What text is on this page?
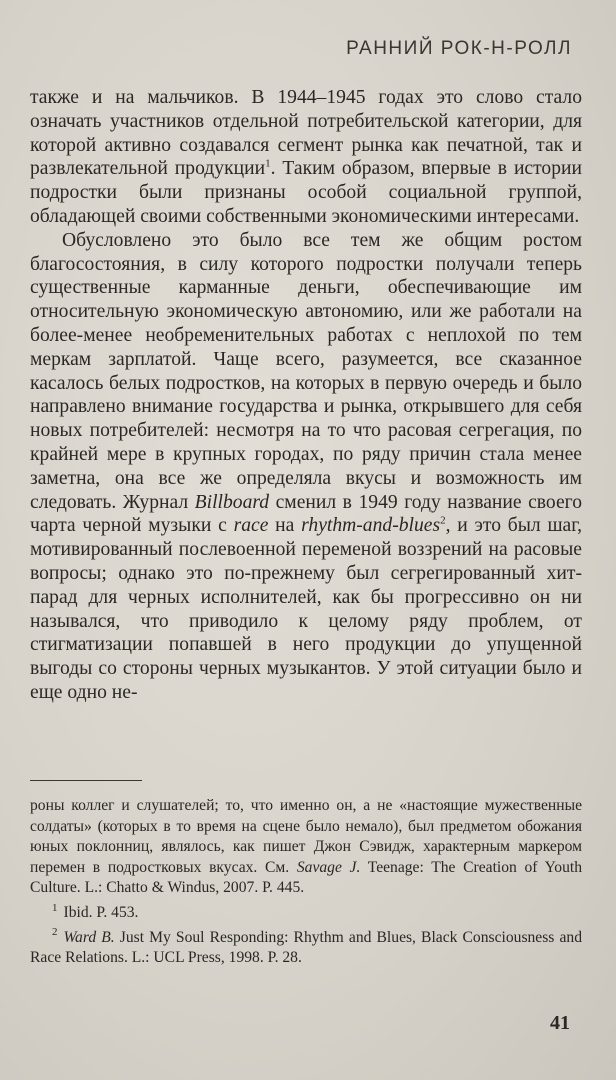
РАННИЙ РОК-Н-РОЛЛ

также и на мальчиков. В 1944–1945 годах это слово стало означать участников отдельной потребительской категории, для которой активно создавался сегмент рынка как печатной, так и развлекательной продукции$^1$. Таким образом, впервые в истории подростки были признаны особой социальной группой, обладающей своими собственными экономическими интересами.

Обусловлено это было все тем же общим ростом благосостояния, в силу которого подростки получали теперь существенные карманные деньги, обеспечивающие им относительную экономическую автономию, или же работали на более-менее необременительных работах с неплохой по тем меркам зарплатой. Чаще всего, разумеется, все сказанное касалось белых подростков, на которых в первую очередь и было направлено внимание государства и рынка, открывшего для себя новых потребителей: несмотря на то что расовая сегрегация, по крайней мере в крупных городах, по ряду причин стала менее заметна, она все же определяла вкусы и возможность им следовать. Журнал Billboard сменил в 1949 году название своего чарта черной музыки с race на rhythm-and-blues$^2$, и это был шаг, мотивированный послевоенной переменой воззрений на расовые вопросы; однако это по-прежнему был сегрегированный хит-парад для черных исполнителей, как бы прогрессивно он ни назывался, что приводило к целому ряду проблем, от стигматизации попавшей в него продукции до упущенной выгоды со стороны черных музыкантов. У этой ситуации было и еще одно не-

роны коллег и слушателей; то, что именно он, а не «настоящие мужественные солдаты» (которых в то время на сцене было немало), был предметом обожания юных поклонниц, являлось, как пишет Джон Сэвидж, характерным маркером перемен в подростковых вкусах. См. Savage J. Teenage: The Creation of Youth Culture. L.: Chatto & Windus, 2007. P. 445.

$^1$ Ibid. P. 453.

$^2$ Ward B. Just My Soul Responding: Rhythm and Blues, Black Consciousness and Race Relations. L.: UCL Press, 1998. P. 28.

41
